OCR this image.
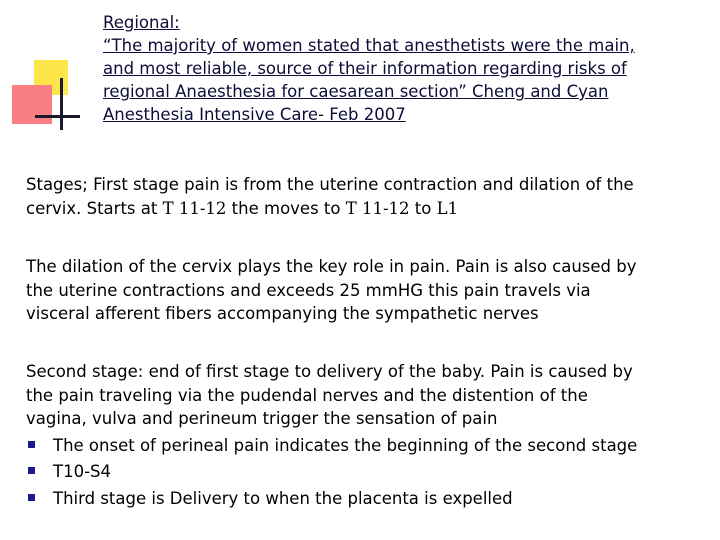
Regional:
“The majority of women stated that anesthetists were the main,
and most reliable, source of their information regarding risks of
regional Anaesthesia for caesarean section” Cheng and Cyan
Anesthesia Intensive Care- Feb 2007
Stages; First stage pain is from the uterine contraction and dilation of the
cervix. Starts at T 11-12 the moves to T 11-12 to L1
The dilation of the cervix plays the key role in pain. Pain is also caused by
the uterine contractions and exceeds 25 mmHG this pain travels via
visceral afferent fibers accompanying the sympathetic nerves
Second stage: end of first stage to delivery of the baby. Pain is caused by
the pain traveling via the pudendal nerves and the distention of the
vagina, vulva and perineum trigger the sensation of pain
The onset of perineal pain indicates the beginning of the second stage
T10-S4
Third stage is Delivery to when the placenta is expelled
